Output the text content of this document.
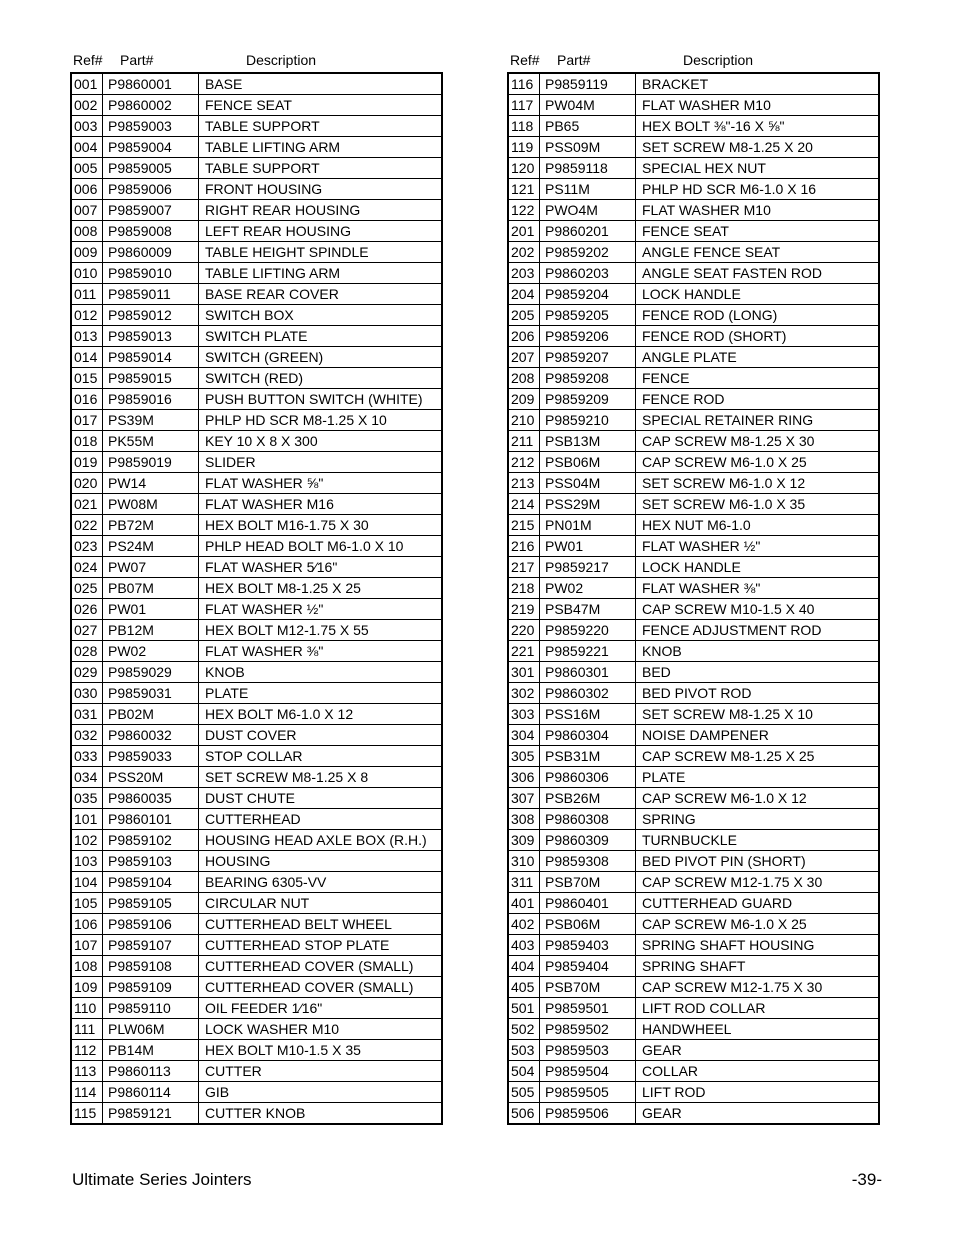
Ref# Part#	Description
001	P9860001	BASE
002	P9860002	FENCE SEAT
003	P9859003	TABLE SUPPORT
004	P9859004	TABLE LIFTING ARM
005	P9859005	TABLE SUPPORT
006	P9859006	FRONT HOUSING
007	P9859007	RIGHT REAR HOUSING
008	P9859008	LEFT REAR HOUSING
009	P9860009	TABLE HEIGHT SPINDLE
010	P9859010	TABLE LIFTING ARM
011	P9859011	BASE REAR COVER
012	P9859012	SWITCH BOX
013	P9859013	SWITCH PLATE
014	P9859014	SWITCH (GREEN)
015	P9859015	SWITCH (RED)
016	P9859016	PUSH BUTTON SWITCH (WHITE)
017	PS39M	PHLP HD SCR M8-1.25 X 10
018	PK55M	KEY 10 X 8 X 300
019	P9859019	SLIDER
020	PW14	FLAT WASHER ⅝"
021	PW08M	FLAT WASHER M16
022	PB72M	HEX BOLT M16-1.75 X 30
023	PS24M	PHLP HEAD BOLT M6-1.0 X 10
024	PW07	FLAT WASHER 5⁄16"
025	PB07M	HEX BOLT M8-1.25 X 25
026	PW01	FLAT WASHER ½"
027	PB12M	HEX BOLT M12-1.75 X 55
028	PW02	FLAT WASHER ⅜"
029	P9859029	KNOB
030	P9859031	PLATE
031	PB02M	HEX BOLT M6-1.0 X 12
032	P9860032	DUST COVER
033	P9859033	STOP COLLAR
034	PSS20M	SET SCREW M8-1.25 X 8
035	P9860035	DUST CHUTE
101	P9860101	CUTTERHEAD
102	P9859102	HOUSING HEAD AXLE BOX (R.H.)
103	P9859103	HOUSING
104	P9859104	BEARING 6305-VV
105	P9859105	CIRCULAR NUT
106	P9859106	CUTTERHEAD BELT WHEEL
107	P9859107	CUTTERHEAD STOP PLATE
108	P9859108	CUTTERHEAD COVER (SMALL)
109	P9859109	CUTTERHEAD COVER (SMALL)
110	P9859110	OIL FEEDER 1⁄16"
111	PLW06M	LOCK WASHER M10
112	PB14M	HEX BOLT M10-1.5 X 35
113	P9860113	CUTTER
114	P9860114	GIB
115	P9859121	CUTTER KNOB
Ref# Part#	Description
116	P9859119	BRACKET
117	PW04M	FLAT WASHER M10
118	PB65	HEX BOLT ⅜"-16 X ⅝"
119	PSS09M	SET SCREW M8-1.25 X 20
120	P9859118	SPECIAL HEX NUT
121	PS11M	PHLP HD SCR M6-1.0 X 16
122	PWO4M	FLAT WASHER M10
201	P9860201	FENCE SEAT
202	P9859202	ANGLE FENCE SEAT
203	P9860203	ANGLE SEAT FASTEN ROD
204	P9859204	LOCK HANDLE
205	P9859205	FENCE ROD (LONG)
206	P9859206	FENCE ROD (SHORT)
207	P9859207	ANGLE PLATE
208	P9859208	FENCE
209	P9859209	FENCE ROD
210	P9859210	SPECIAL RETAINER RING
211	PSB13M	CAP SCREW M8-1.25 X 30
212	PSB06M	CAP SCREW M6-1.0 X 25
213	PSS04M	SET SCREW M6-1.0 X 12
214	PSS29M	SET SCREW M6-1.0 X 35
215	PN01M	HEX NUT M6-1.0
216	PW01	FLAT WASHER ½"
217	P9859217	LOCK HANDLE
218	PW02	FLAT WASHER ⅜"
219	PSB47M	CAP SCREW M10-1.5 X 40
220	P9859220	FENCE ADJUSTMENT ROD
221	P9859221	KNOB
301	P9860301	BED
302	P9860302	BED PIVOT ROD
303	PSS16M	SET SCREW M8-1.25 X 10
304	P9860304	NOISE DAMPENER
305	PSB31M	CAP SCREW M8-1.25 X 25
306	P9860306	PLATE
307	PSB26M	CAP SCREW M6-1.0 X 12
308	P9860308	SPRING
309	P9860309	TURNBUCKLE
310	P9859308	BED PIVOT PIN (SHORT)
311	PSB70M	CAP SCREW M12-1.75 X 30
401	P9860401	CUTTERHEAD GUARD
402	PSB06M	CAP SCREW M6-1.0 X 25
403	P9859403	SPRING SHAFT HOUSING
404	P9859404	SPRING SHAFT
405	PSB70M	CAP SCREW M12-1.75 X 30
501	P9859501	LIFT ROD COLLAR
502	P9859502	HANDWHEEL
503	P9859503	GEAR
504	P9859504	COLLAR
505	P9859505	LIFT ROD
506	P9859506	GEAR
Ultimate Series Jointers	-39-
